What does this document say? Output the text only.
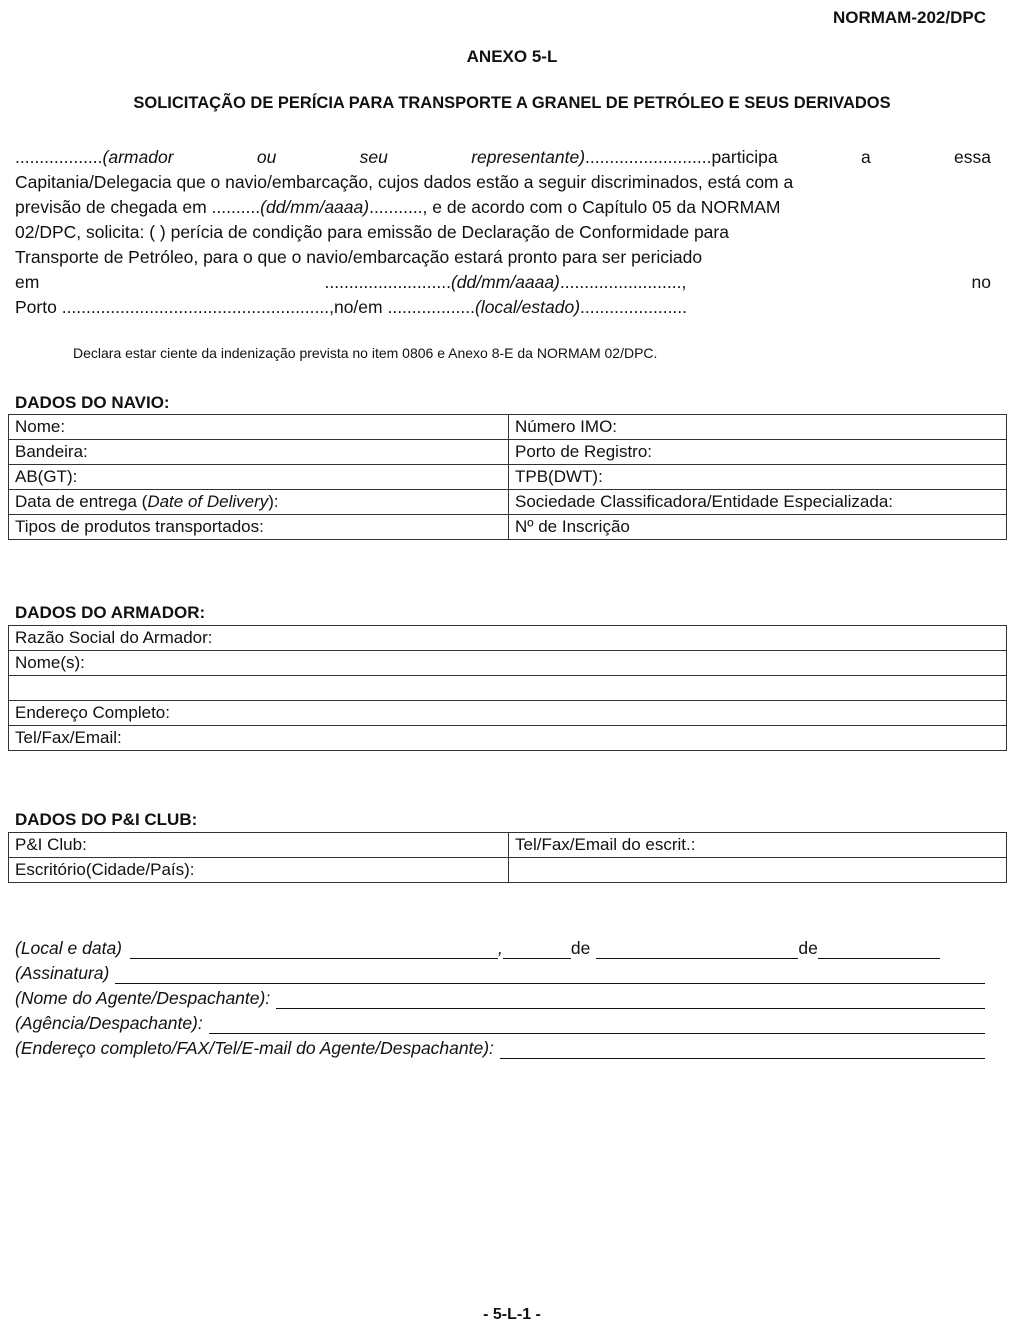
NORMAM-202/DPC
ANEXO 5-L
SOLICITAÇÃO DE PERÍCIA PARA TRANSPORTE A GRANEL DE PETRÓLEO E SEUS DERIVADOS
..................(armador	ou	seu	representante)..........................participa	a	essa
Capitania/Delegacia que o navio/embarcação, cujos dados estão a seguir discriminados, está com a
previsão de chegada em ..........(dd/mm/aaaa)..........., e de acordo com o Capítulo 05 da NORMAM
02/DPC, solicita: ( ) perícia de condição para emissão de Declaração de Conformidade para
Transporte de Petróleo, para o que o navio/embarcação estará pronto para ser periciado
em	..........................(dd/mm/aaaa).........................,	no
Porto .......................................................,no/em ..................(local/estado)......................
Declara estar ciente da indenização prevista no item 0806 e Anexo 8-E da NORMAM 02/DPC.
DADOS DO NAVIO:
Nome:	Número IMO:
Bandeira:	Porto de Registro:
AB(GT):	TPB(DWT):
Data de entrega (Date of Delivery):	Sociedade Classificadora/Entidade Especializada:
Tipos de produtos transportados:	Nº de Inscrição
DADOS DO ARMADOR:
Razão Social do Armador:
Nome(s):

Endereço Completo:
Tel/Fax/Email:
DADOS DO P&I CLUB:
P&I Club:	Tel/Fax/Email do escrit.:
Escritório(Cidade/País):	
(Local e data)	,	de	de
(Assinatura)
(Nome do Agente/Despachante):
(Agência/Despachante):
(Endereço completo/FAX/Tel/E-mail do Agente/Despachante):
- 5-L-1 -
